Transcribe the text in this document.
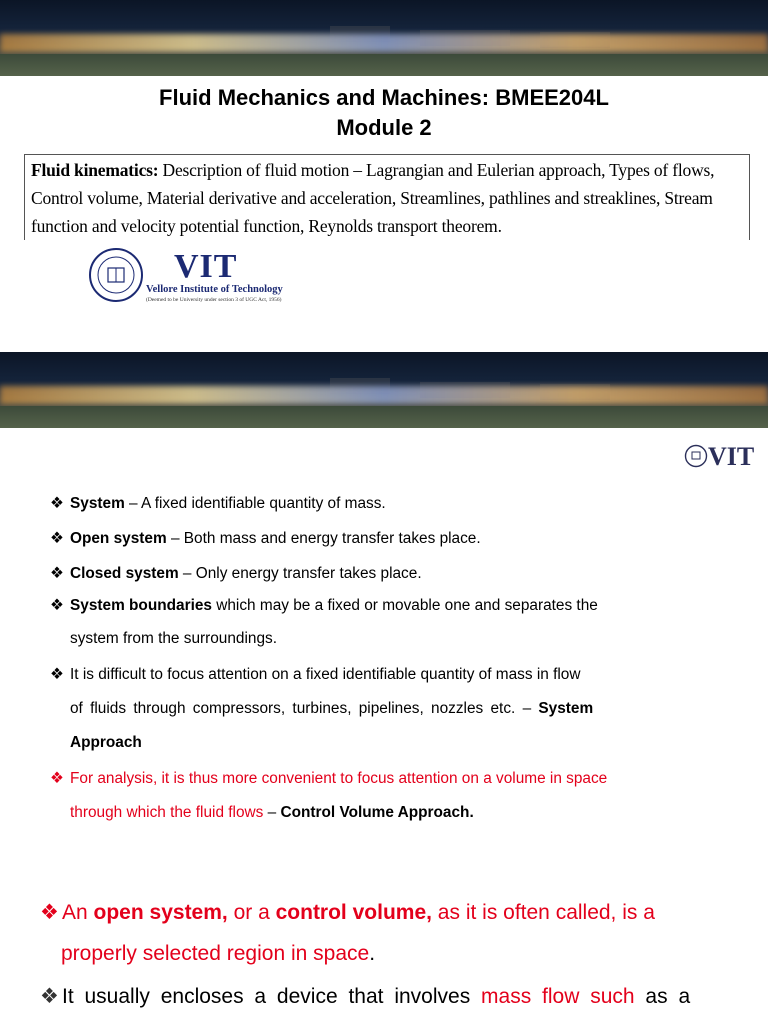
Fluid Mechanics and Machines: BMEE204L
Module 2
Fluid kinematics: Description of fluid motion – Lagrangian and Eulerian approach, Types of flows,
Control volume, Material derivative and acceleration, Streamlines, pathlines and streaklines, Stream
function and velocity potential function, Reynolds transport theorem.
VIT
Vellore Institute of Technology
(Deemed to be University under section 3 of UGC Act, 1956)
VIT
❖ System – A fixed identifiable quantity of mass.
❖ Open system – Both mass and energy transfer takes place.
❖ Closed system – Only energy transfer takes place.
❖ System boundaries which may be a fixed or movable one and separates the
system from the surroundings.
❖ It is difficult to focus attention on a fixed identifiable quantity of mass in flow
of fluids through compressors, turbines, pipelines, nozzles etc. – System
Approach
❖ For analysis, it is thus more convenient to focus attention on a volume in space
through which the fluid flows – Control Volume Approach.
❖ An open system, or a control volume, as it is often called, is a
properly selected region in space.
❖ It usually encloses a device that involves mass flow such as a
